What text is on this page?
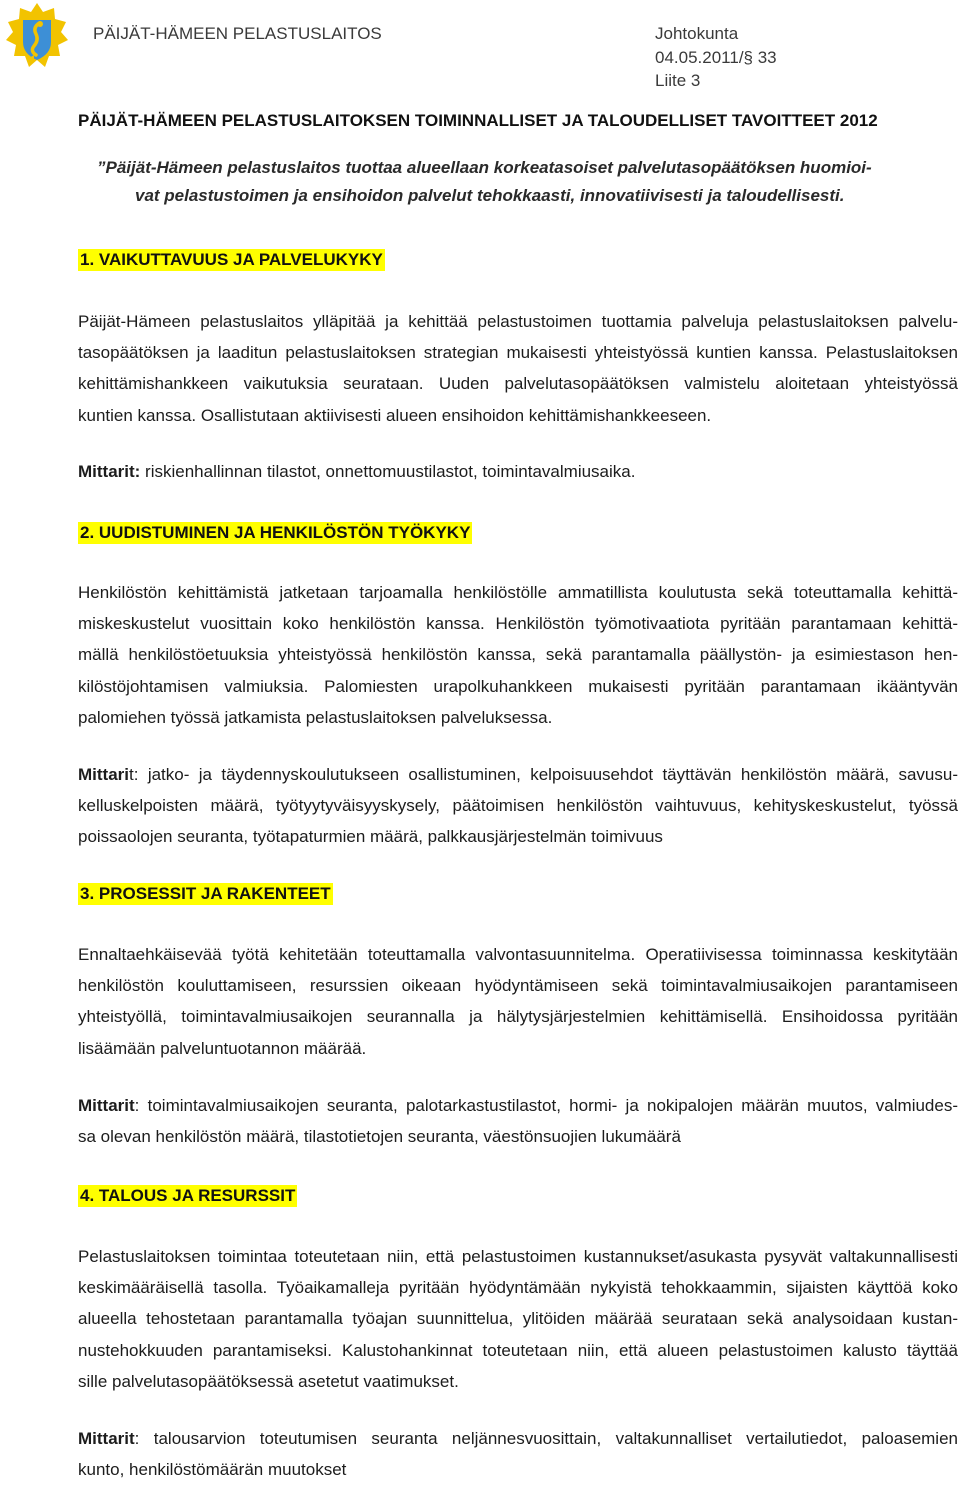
PÄIJÄT-HÄMEEN PELASTUSLAITOS	Johtokunta
04.05.2011/§ 33
Liite 3
PÄIJÄT-HÄMEEN PELASTUSLAITOKSEN TOIMINNALLISET JA TALOUDELLISET TAVOITTEET 2012
”Päijät-Hämeen pelastuslaitos tuottaa alueellaan korkeatasoiset palvelutasopäätöksen huomioi-
vat pelastustoimen ja ensihoidon palvelut tehokkaasti, innovatiivisesti ja taloudellisesti.
1. VAIKUTTAVUUS JA PALVELUKYKY
Päijät-Hämeen pelastuslaitos ylläpitää ja kehittää pelastustoimen tuottamia palveluja pelastuslaitoksen palvelu-
tasopäätöksen ja laaditun pelastuslaitoksen strategian mukaisesti yhteistyössä kuntien kanssa. Pelastuslaitoksen
kehittämishankkeen vaikutuksia seurataan. Uuden palvelutasopäätöksen valmistelu aloitetaan yhteistyössä
kuntien kanssa. Osallistutaan aktiivisesti alueen ensihoidon kehittämishankkeeseen.
Mittarit: riskienhallinnan tilastot, onnettomuustilastot, toimintavalmiusaika.
2. UUDISTUMINEN JA HENKILÖSTÖN TYÖKYKY
Henkilöstön kehittämistä jatketaan tarjoamalla henkilöstölle ammatillista koulutusta sekä toteuttamalla kehittä-
miskeskustelut vuosittain koko henkilöstön kanssa. Henkilöstön työmotivaatiota pyritään parantamaan kehittä-
mällä henkilöstöetuuksia yhteistyössä henkilöstön kanssa, sekä parantamalla päällystön- ja esimiestason hen-
kilöstöjohtamisen valmiuksia. Palomiesten urapolkuhankkeen mukaisesti pyritään parantamaan ikääntyvän
palomiehen työssä jatkamista pelastuslaitoksen palveluksessa.
Mittarit: jatko- ja täydennyskoulutukseen osallistuminen, kelpoisuusehdot täyttävän henkilöstön määrä, savusu-
kelluskelpoisten määrä, työtyytyväisyyskysely, päätoimisen henkilöstön vaihtuvuus, kehityskeskustelut, työssä
poissaolojen seuranta, työtapaturmien määrä, palkkausjärjestelmän toimivuus
3. PROSESSIT JA RAKENTEET
Ennaltaehkäisevää työtä kehitetään toteuttamalla valvontasuunnitelma. Operatiivisessa toiminnassa keskitytään
henkilöstön kouluttamiseen, resurssien oikeaan hyödyntämiseen sekä toimintavalmiusaikojen parantamiseen
yhteistyöllä, toimintavalmiusaikojen seurannalla ja hälytysjärjestelmien kehittämisellä. Ensihoidossa pyritään
lisäämään palveluntuotannon määrää.
Mittarit: toimintavalmiusaikojen seuranta, palotarkastustilastot, hormi- ja nokipalojen määrän muutos, valmiudes-
sa olevan henkilöstön määrä, tilastotietojen seuranta, väestönsuojien lukumäärä
4. TALOUS JA RESURSSIT
Pelastuslaitoksen toimintaa toteutetaan niin, että pelastustoimen kustannukset/asukasta pysyvät valtakunnallisesti
keskimääräisellä tasolla. Työaikamalleja pyritään hyödyntämään nykyistä tehokkaammin, sijaisten käyttöä koko
alueella tehostetaan parantamalla työajan suunnittelua, ylitöiden määrää seurataan sekä analysoidaan kustan-
nustehokkuuden parantamiseksi. Kalustohankinnat toteutetaan niin, että alueen pelastustoimen kalusto täyttää
sille palvelutasopäätöksessä asetetut vaatimukset.
Mittarit: talousarvion toteutumisen seuranta neljännesvuosittain, valtakunnalliset vertailutiedot, paloasemien
kunto, henkilöstömäärän muutokset
